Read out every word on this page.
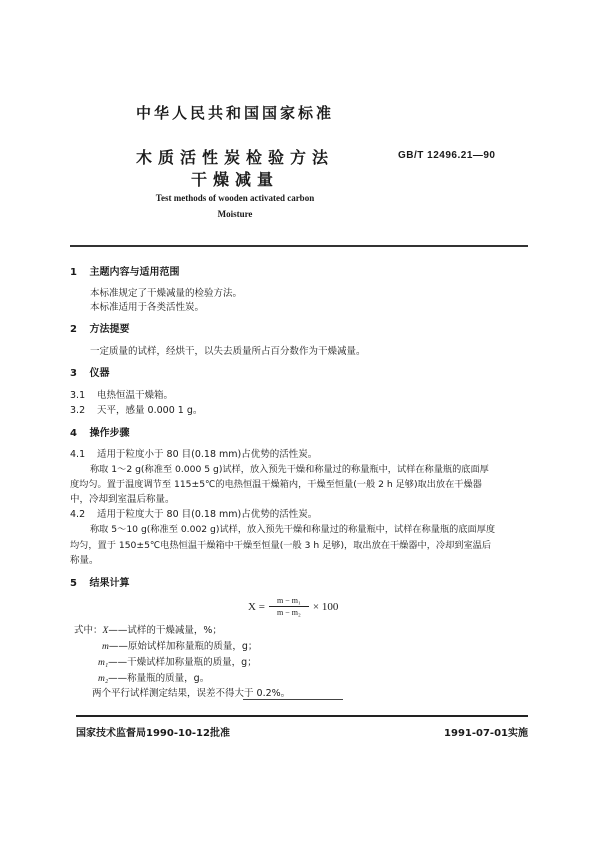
中华人民共和国国家标准
木质活性炭检验方法
干燥减量
GB/T 12496.21—90
Test methods of wooden activated carbon
Moisture
1 主题内容与适用范围
本标准规定了干燥减量的检验方法。
本标准适用于各类活性炭。
2 方法提要
一定质量的试样，经烘干，以失去质量所占百分数作为干燥减量。
3 仪器
3.1 电热恒温干燥箱。
3.2 天平，感量 0.000 1 g。
4 操作步骤
4.1 适用于粒度小于 80 目(0.18 mm)占优势的活性炭。
称取 1～2 g(称准至 0.000 5 g)试样，放入预先干燥和称量过的称量瓶中，试样在称量瓶的底面厚
度均匀。置于温度调节至 115±5℃的电热恒温干燥箱内，干燥至恒量(一般 2 h 足够)取出放在干燥器
中，冷却到室温后称量。
4.2 适用于粒度大于 80 目(0.18 mm)占优势的活性炭。
称取 5～10 g(称准至 0.002 g)试样，放入预先干燥和称量过的称量瓶中，试样在称量瓶的底面厚度
均匀，置于 150±5℃电热恒温干燥箱中干燥至恒量(一般 3 h 足够)，取出放在干燥器中，冷却到室温后
称量。
5 结果计算
$X = \frac{\text{m − m₁}}{\text{m − m₂}} \times 100$
式中：X——试样的干燥减量，%；
m——原始试样加称量瓶的质量，g；
m₁——干燥试样加称量瓶的质量，g；
m₂——称量瓶的质量，g。
两个平行试样测定结果，误差不得大于 0.2%。
国家技术监督局1990-10-12批准	1991-07-01实施
